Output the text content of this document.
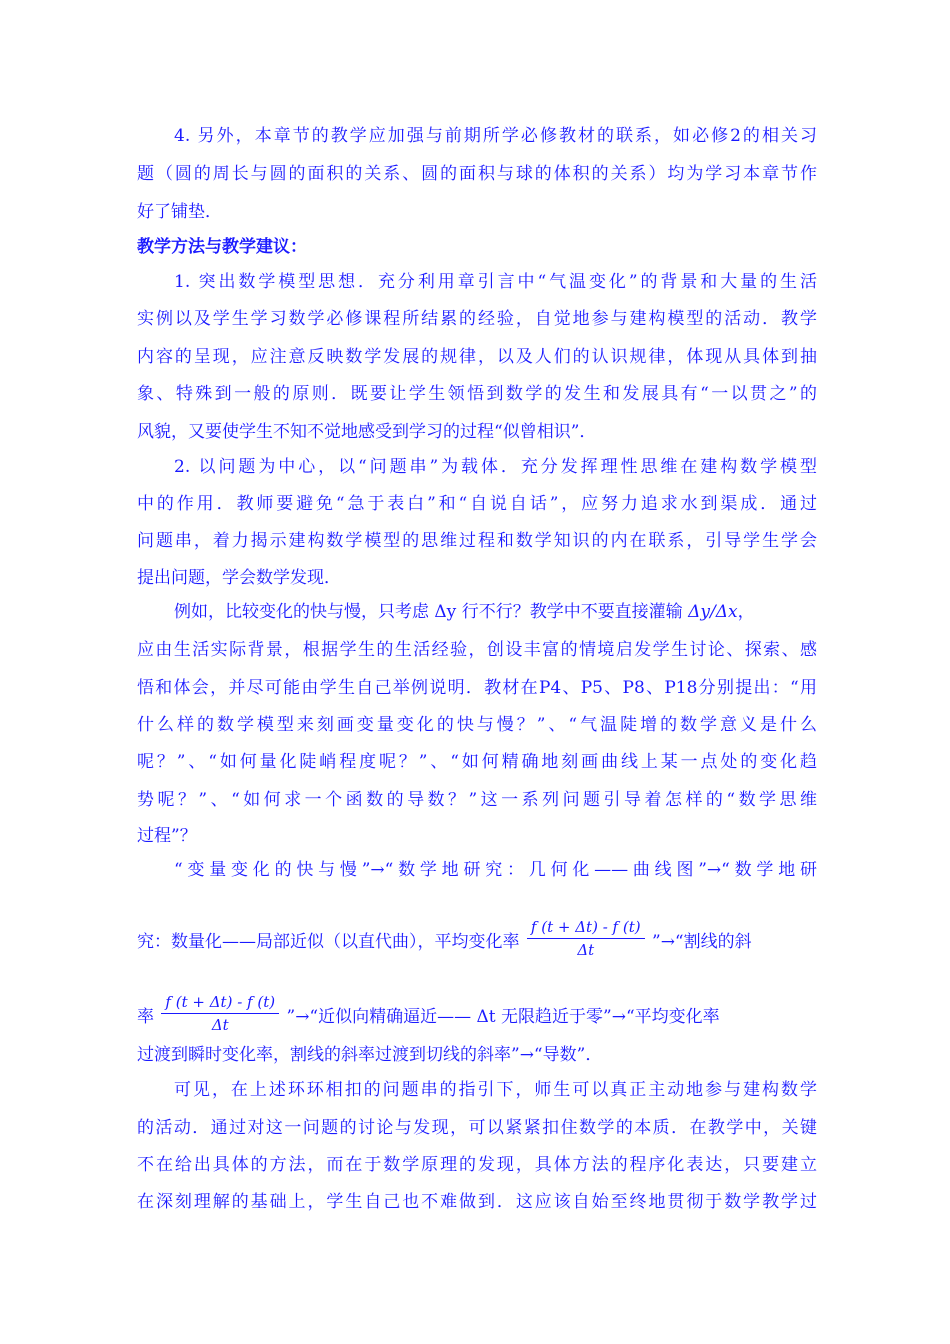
4. 另外，本章节的教学应加强与前期所学必修教材的联系，如必修2的相关习
题（圆的周长与圆的面积的关系、圆的面积与球的体积的关系）均为学习本章节作
好了铺垫．
教学方法与教学建议：
1. 突出数学模型思想．充分利用章引言中“气温变化”的背景和大量的生活
实例以及学生学习数学必修课程所结累的经验，自觉地参与建构模型的活动．教学
内容的呈现，应注意反映数学发展的规律，以及人们的认识规律，体现从具体到抽
象、特殊到一般的原则．既要让学生领悟到数学的发生和发展具有“一以贯之”的
风貌，又要使学生不知不觉地感受到学习的过程“似曾相识”．
2. 以问题为中心，以“问题串”为载体．充分发挥理性思维在建构数学模型
中的作用．教师要避免“急于表白”和“自说自话”，应努力追求水到渠成．通过
问题串，着力揭示建构数学模型的思维过程和数学知识的内在联系，引导学生学会
提出问题，学会数学发现．
例如，比较变化的快与慢，只考虑 Δy 行不行？教学中不要直接灌输 Δy/Δx，
应由生活实际背景，根据学生的生活经验，创设丰富的情境启发学生讨论、探索、感
悟和体会，并尽可能由学生自己举例说明．教材在P4、P5、P8、P18分别提出：“用
什么样的数学模型来刻画变量变化的快与慢？”、“气温陡增的数学意义是什么
呢？”、“如何量化陡峭程度呢？”、“如何精确地刻画曲线上某一点处的变化趋
势呢？”、“如何求一个函数的导数？”这一系列问题引导着怎样的“数学思维
过程”？
“变量变化的快与慢”→“数学地研究：几何化——曲线图”→“数学地研
究：数量化——局部近似（以直代曲），平均变化率 $\frac{f (t + \Delta t) - f (t)}{\Delta t}$ ”→“割线的斜
率 $\frac{f (t + \Delta t) - f (t)}{\Delta t}$ ”→“近似向精确逼近—— Δt 无限趋近于零”→“平均变化率
过渡到瞬时变化率，割线的斜率过渡到切线的斜率”→“导数”．
可见，在上述环环相扣的问题串的指引下，师生可以真正主动地参与建构数学
的活动．通过对这一问题的讨论与发现，可以紧紧扣住数学的本质．在教学中，关键
不在给出具体的方法，而在于数学原理的发现，具体方法的程序化表达，只要建立
在深刻理解的基础上，学生自己也不难做到．这应该自始至终地贯彻于数学教学过
